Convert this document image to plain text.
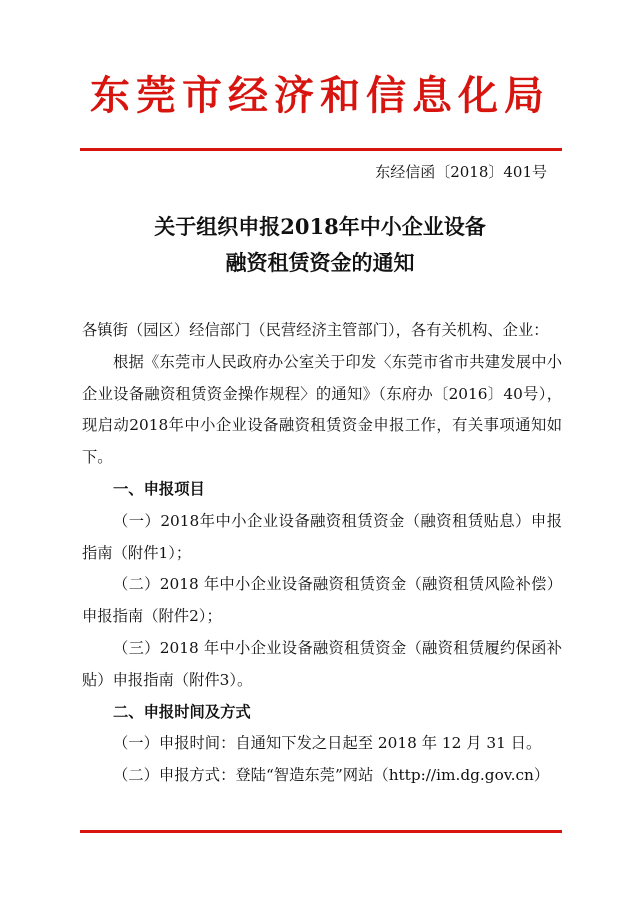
东莞市经济和信息化局
东经信函〔2018〕401号
关于组织申报2018年中小企业设备
融资租赁资金的通知
各镇街（园区）经信部门（民营经济主管部门），各有关机构、企业：
根据《东莞市人民政府办公室关于印发〈东莞市省市共建发展中小企业设备融资租赁资金操作规程〉的通知》（东府办〔2016〕40号），现启动2018年中小企业设备融资租赁资金申报工作，有关事项通知如下。
一、申报项目
（一）2018年中小企业设备融资租赁资金（融资租赁贴息）申报指南（附件1）；
（二）2018 年中小企业设备融资租赁资金（融资租赁风险补偿）申报指南（附件2）；
（三）2018 年中小企业设备融资租赁资金（融资租赁履约保函补贴）申报指南（附件3）。
二、申报时间及方式
（一）申报时间：自通知下发之日起至 2018 年 12 月 31 日。
（二）申报方式：登陆“智造东莞”网站（http://im.dg.gov.cn）
